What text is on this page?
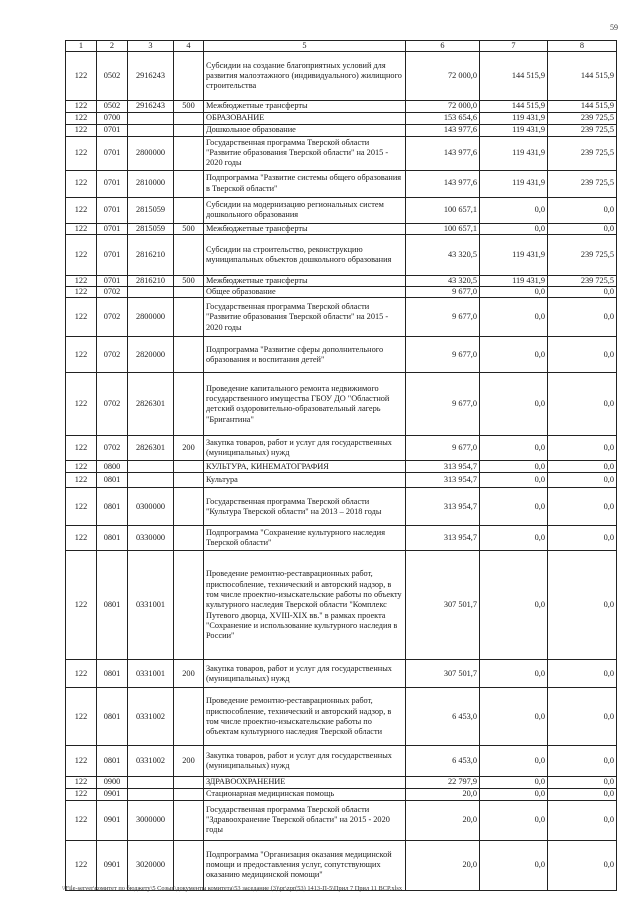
59
1	2	3	4	5	6	7	8
122	0502	2916243		Субсидии на создание благоприятных условий для развития малоэтажного (индивидуального) жилищного строительства	72 000,0	144 515,9	144 515,9
122	0502	2916243	500	Межбюджетные трансферты	72 000,0	144 515,9	144 515,9
122	0700			ОБРАЗОВАНИЕ	153 654,6	119 431,9	239 725,5
122	0701			Дошкольное образование	143 977,6	119 431,9	239 725,5
122	0701	2800000		Государственная программа Тверской области "Развитие образования Тверской области" на 2015 - 2020 годы	143 977,6	119 431,9	239 725,5
122	0701	2810000		Подпрограмма "Развитие системы общего образования в Тверской области"	143 977,6	119 431,9	239 725,5
122	0701	2815059		Субсидии на модернизацию региональных систем дошкольного образования	100 657,1	0,0	0,0
122	0701	2815059	500	Межбюджетные трансферты	100 657,1	0,0	0,0
122	0701	2816210		Субсидии на строительство, реконструкцию муниципальных объектов дошкольного образования	43 320,5	119 431,9	239 725,5
122	0701	2816210	500	Межбюджетные трансферты	43 320,5	119 431,9	239 725,5
122	0702			Общее образование	9 677,0	0,0	0,0
122	0702	2800000		Государственная программа Тверской области "Развитие образования Тверской области" на 2015 - 2020 годы	9 677,0	0,0	0,0
122	0702	2820000		Подпрограмма "Развитие сферы дополнительного образования и воспитания детей"	9 677,0	0,0	0,0
122	0702	2826301		Проведение капитального ремонта недвижимого государственного имущества ГБОУ ДО "Областной детский оздоровительно-образовательный лагерь "Бригантина"	9 677,0	0,0	0,0
122	0702	2826301	200	Закупка товаров, работ и услуг для государственных (муниципальных) нужд	9 677,0	0,0	0,0
122	0800			КУЛЬТУРА, КИНЕМАТОГРАФИЯ	313 954,7	0,0	0,0
122	0801			Культура	313 954,7	0,0	0,0
122	0801	0300000		Государственная программа Тверской области "Культура Тверской области" на 2013 – 2018 годы	313 954,7	0,0	0,0
122	0801	0330000		Подпрограмма "Сохранение культурного наследия Тверской области"	313 954,7	0,0	0,0
122	0801	0331001		Проведение ремонтно-реставрационных работ, приспособление, технический и авторский надзор, в том числе проектно-изыскательские работы по объекту культурного наследия Тверской области "Комплекс Путевого дворца, XVIII-XIX вв." в рамках проекта "Сохранение и использование культурного наследия в России"	307 501,7	0,0	0,0
122	0801	0331001	200	Закупка товаров, работ и услуг для государственных (муниципальных) нужд	307 501,7	0,0	0,0
122	0801	0331002		Проведение ремонтно-реставрационных работ, приспособление, технический и авторский надзор, в том числе проектно-изыскательские работы по объектам культурного наследия Тверской области	6 453,0	0,0	0,0
122	0801	0331002	200	Закупка товаров, работ и услуг для государственных (муниципальных) нужд	6 453,0	0,0	0,0
122	0900			ЗДРАВООХРАНЕНИЕ	22 797,9	0,0	0,0
122	0901			Стационарная медицинская помощь	20,0	0,0	0,0
122	0901	3000000		Государственная программа Тверской области "Здравоохранение Тверской области" на 2015 - 2020 годы	20,0	0,0	0,0
122	0901	3020000		Подпрограмма "Организация оказания медицинской помощи и предоставления услуг, сопутствующих оказанию медицинской помощи"	20,0	0,0	0,0
\\File-server\комитет по бюджету\5 Созыв\документы комитета\53 заседание (3)\pr\zpr(53) 1413-П-5\Прил 7 Прил 11 ВСР.xlsx
